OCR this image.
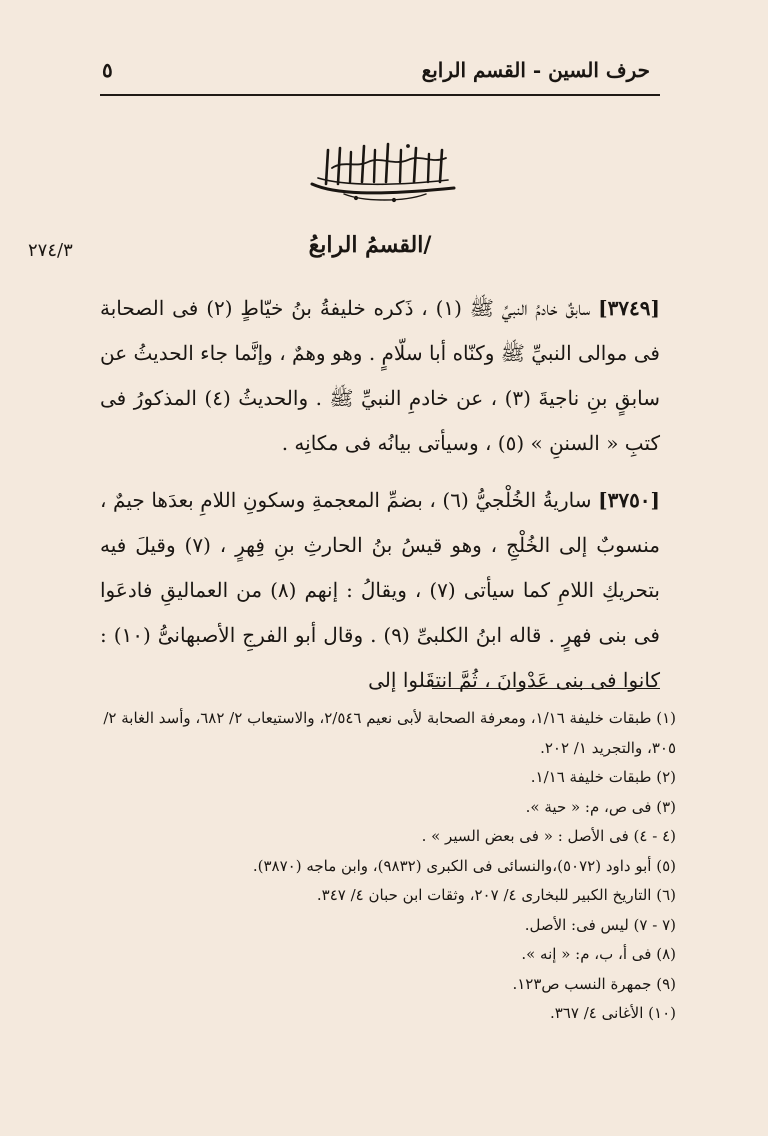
حرف السين - القسم الرابع
٥
٢٧٤/٣	/القسمُ الرابعُ
[٣٧٤٩] سابقٌ خادمُ النبيِّ ﷺ (١) ، ذَكره خليفةُ بنُ خيّاطٍ (٢) فى الصحابة فى موالى النبيِّ ﷺ وكنّاه أبا سلّامٍ . وهو وهمٌ ، وإنَّما جاء الحديثُ عن سابقٍ بنِ ناجيةَ (٣) ، عن خادمِ النبيِّ ﷺ . والحديثُ (٤) المذكورُ فى كتبِ « السننِ » (٥) ، وسيأتى بيانُه فى مكانِه .
[٣٧٥٠] ساريةُ الخُلْجيُّ (٦) ، بضمِّ المعجمةِ وسكونِ اللامِ بعدَها جيمٌ ، منسوبٌ إلى الخُلْجِ ، وهو قيسُ بنُ الحارثِ بنِ فِهرٍ ، (٧) وقيلَ فيه بتحريكِ اللامِ كما سيأتى (٧) ، ويقالُ : إنهم (٨) من العماليقِ فادعَوا فى بنى فهرٍ . قاله ابنُ الكلبىِّ (٩) . وقال أبو الفرجِ الأصبهانىُّ (١٠) : كانوا فى بنى عَدْوانَ ، ثُمَّ انتقَلوا إلى
(١) طبقات خليفة ١/١٦، ومعرفة الصحابة لأبى نعيم ٢/٥٤٦، والاستيعاب ٢/ ٦٨٢، وأسد الغابة ٢/ ٣٠٥، والتجريد ١/ ٢٠٢.
(٢) طبقات خليفة ١/١٦.
(٣) فى ص، م: « حية ».
(٤ - ٤) فى الأصل : « فى بعض السير » .
(٥) أبو داود (٥٠٧٢)،والنسائى فى الكبرى (٩٨٣٢)، وابن ماجه (٣٨٧٠).
(٦) التاريخ الكبير للبخارى ٤/ ٢٠٧، وثقات ابن حبان ٤/ ٣٤٧.
(٧ - ٧) ليس فى: الأصل.
(٨) فى أ، ب، م: « إنه ».
(٩) جمهرة النسب ص١٢٣.
(١٠) الأغانى ٤/ ٣٦٧.
